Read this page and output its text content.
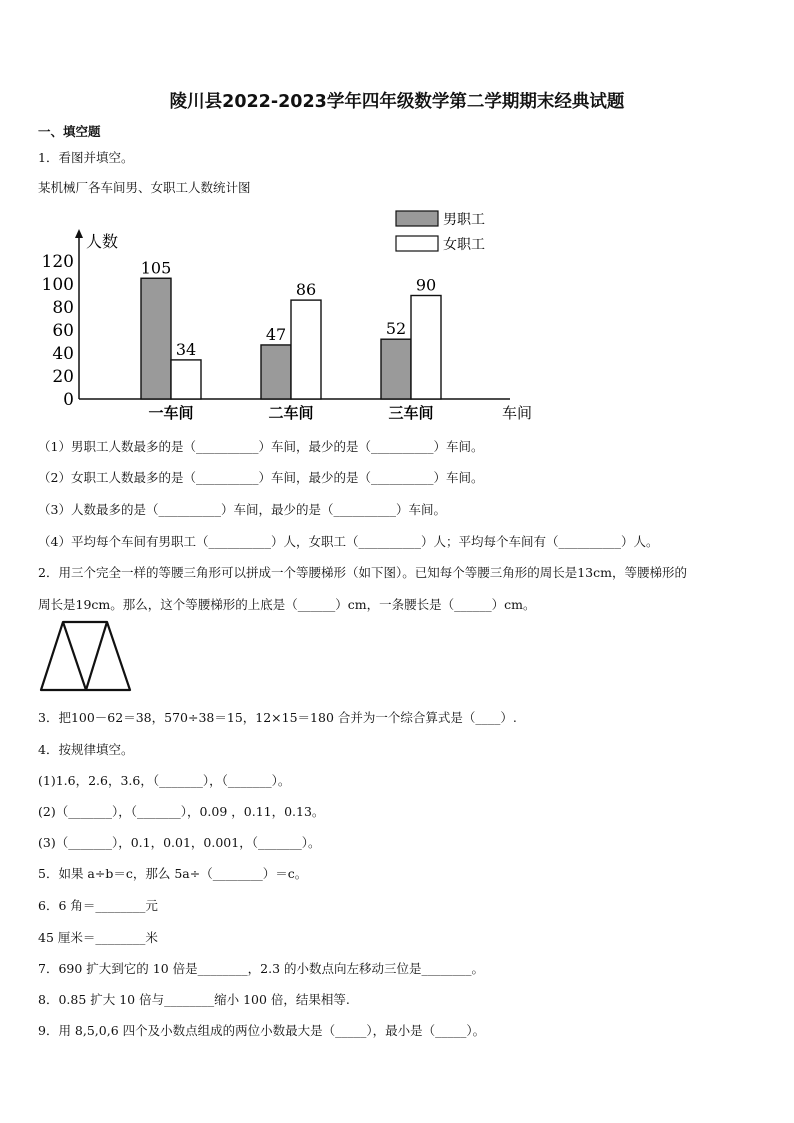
陵川县2022-2023学年四年级数学第二学期期末经典试题
一、填空题
1．看图并填空。
某机械厂各车间男、女职工人数统计图
男职工
女职工
人数
车间
0
20
40
60
80
100
120	105
34
一车间
47
86
二车间
52
90
三车间
（1）男职工人数最多的是（__________）车间，最少的是（__________）车间。
（2）女职工人数最多的是（__________）车间，最少的是（__________）车间。
（3）人数最多的是（__________）车间，最少的是（__________）车间。
（4）平均每个车间有男职工（__________）人，女职工（__________）人；平均每个车间有（__________）人。
2．用三个完全一样的等腰三角形可以拼成一个等腰梯形（如下图）。已知每个等腰三角形的周长是13cm，等腰梯形的
周长是19cm。那么，这个等腰梯形的上底是（______）cm，一条腰长是（______）cm。
3．把100－62＝38，570÷38＝15，12×15＝180 合并为一个综合算式是（____）.
4．按规律填空。
(1)1.6，2.6，3.6，（_______），（_______）。
(2)（_______），（_______），0.09 ，0.11，0.13。
(3)（_______），0.1，0.01，0.001，（_______）。
5．如果 a÷b＝c，那么 5a÷（________）＝c。
6．6 角＝________元
45 厘米＝________米
7．690 扩大到它的 10 倍是________，2.3 的小数点向左移动三位是________。
8．0.85 扩大 10 倍与________缩小 100 倍，结果相等.
9．用 8,5,0,6 四个及小数点组成的两位小数最大是（_____），最小是（_____）。
